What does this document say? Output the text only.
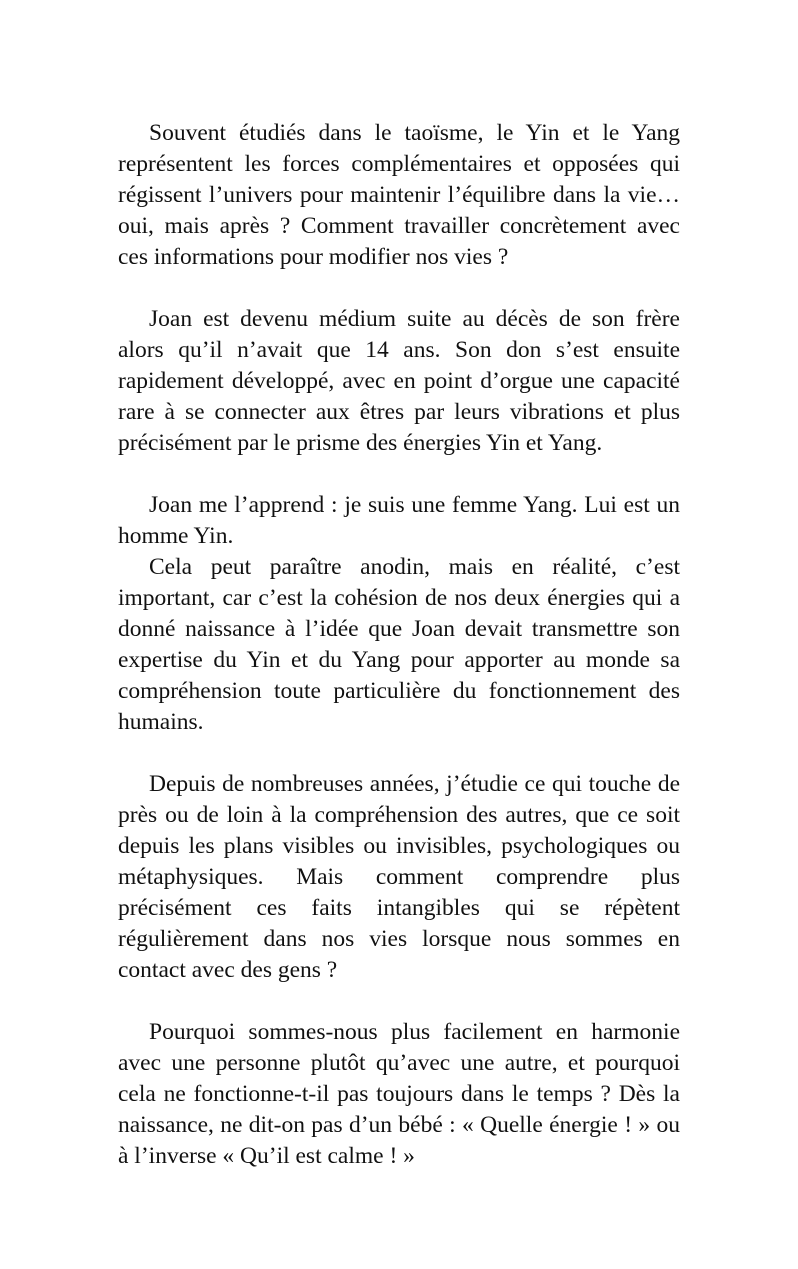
Souvent étudiés dans le taoïsme, le Yin et le Yang représentent les forces complémentaires et opposées qui régissent l’univers pour maintenir l’équilibre dans la vie… oui, mais après ? Comment travailler concrètement avec ces informations pour modifier nos vies ?

Joan est devenu médium suite au décès de son frère alors qu’il n’avait que 14 ans. Son don s’est ensuite rapidement développé, avec en point d’orgue une capacité rare à se connecter aux êtres par leurs vibrations et plus précisément par le prisme des énergies Yin et Yang.

Joan me l’apprend : je suis une femme Yang. Lui est un homme Yin.

Cela peut paraître anodin, mais en réalité, c’est important, car c’est la cohésion de nos deux énergies qui a donné naissance à l’idée que Joan devait transmettre son expertise du Yin et du Yang pour apporter au monde sa compréhension toute particulière du fonctionnement des humains.

Depuis de nombreuses années, j’étudie ce qui touche de près ou de loin à la compréhension des autres, que ce soit depuis les plans visibles ou invisibles, psychologiques ou métaphysiques. Mais comment comprendre plus précisément ces faits intangibles qui se répètent régulièrement dans nos vies lorsque nous sommes en contact avec des gens ?

Pourquoi sommes-nous plus facilement en harmonie avec une personne plutôt qu’avec une autre, et pourquoi cela ne fonctionne-t-il pas toujours dans le temps ? Dès la naissance, ne dit-on pas d’un bébé : « Quelle énergie ! » ou à l’inverse « Qu’il est calme ! »
